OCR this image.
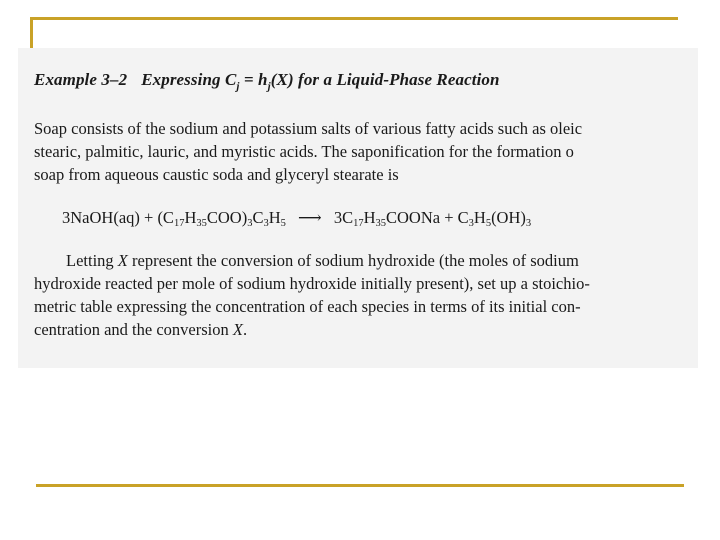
Example 3–2 Expressing $C_j = h_j(X)$ for a Liquid-Phase Reaction
Soap consists of the sodium and potassium salts of various fatty acids such as oleic
stearic, palmitic, lauric, and myristic acids. The saponification for the formation o
soap from aqueous caustic soda and glyceryl stearate is
3NaOH(aq) + $(C_{17}H_{35}COO)_3C_3H_5$ ⟶ $3C_{17}H_{35}COONa + C_3H_5(OH)_3$
Letting X represent the conversion of sodium hydroxide (the moles of sodium
hydroxide reacted per mole of sodium hydroxide initially present), set up a stoichio-
metric table expressing the concentration of each species in terms of its initial con-
centration and the conversion X.
